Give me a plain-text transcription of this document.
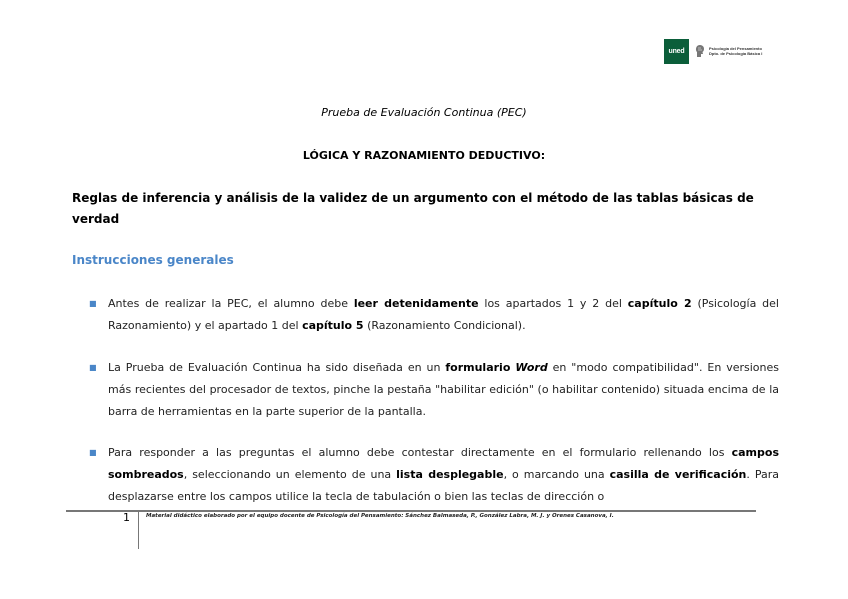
uned	Psicología del Pensamiento
Dpto. de Psicología Básica I
Prueba de Evaluación Continua (PEC)
LÓGICA Y RAZONAMIENTO DEDUCTIVO:
Reglas de inferencia y análisis de la validez de un argumento con el método de las tablas básicas de verdad
Instrucciones generales
■ Antes de realizar la PEC, el alumno debe leer detenidamente los apartados 1 y 2 del capítulo 2 (Psicología del Razonamiento) y el apartado 1 del capítulo 5 (Razonamiento Condicional).
■ La Prueba de Evaluación Continua ha sido diseñada en un formulario Word en "modo compatibilidad". En versiones más recientes del procesador de textos, pinche la pestaña "habilitar edición" (o habilitar contenido) situada encima de la barra de herramientas en la parte superior de la pantalla.
■ Para responder a las preguntas el alumno debe contestar directamente en el formulario rellenando los campos sombreados, seleccionando un elemento de una lista desplegable, o marcando una casilla de verificación. Para desplazarse entre los campos utilice la tecla de tabulación o bien las teclas de dirección o
1	Material didáctico elaborado por el equipo docente de Psicología del Pensamiento: Sánchez Balmaseda, P., González Labra, M. J. y Orenes Casanova, I.
